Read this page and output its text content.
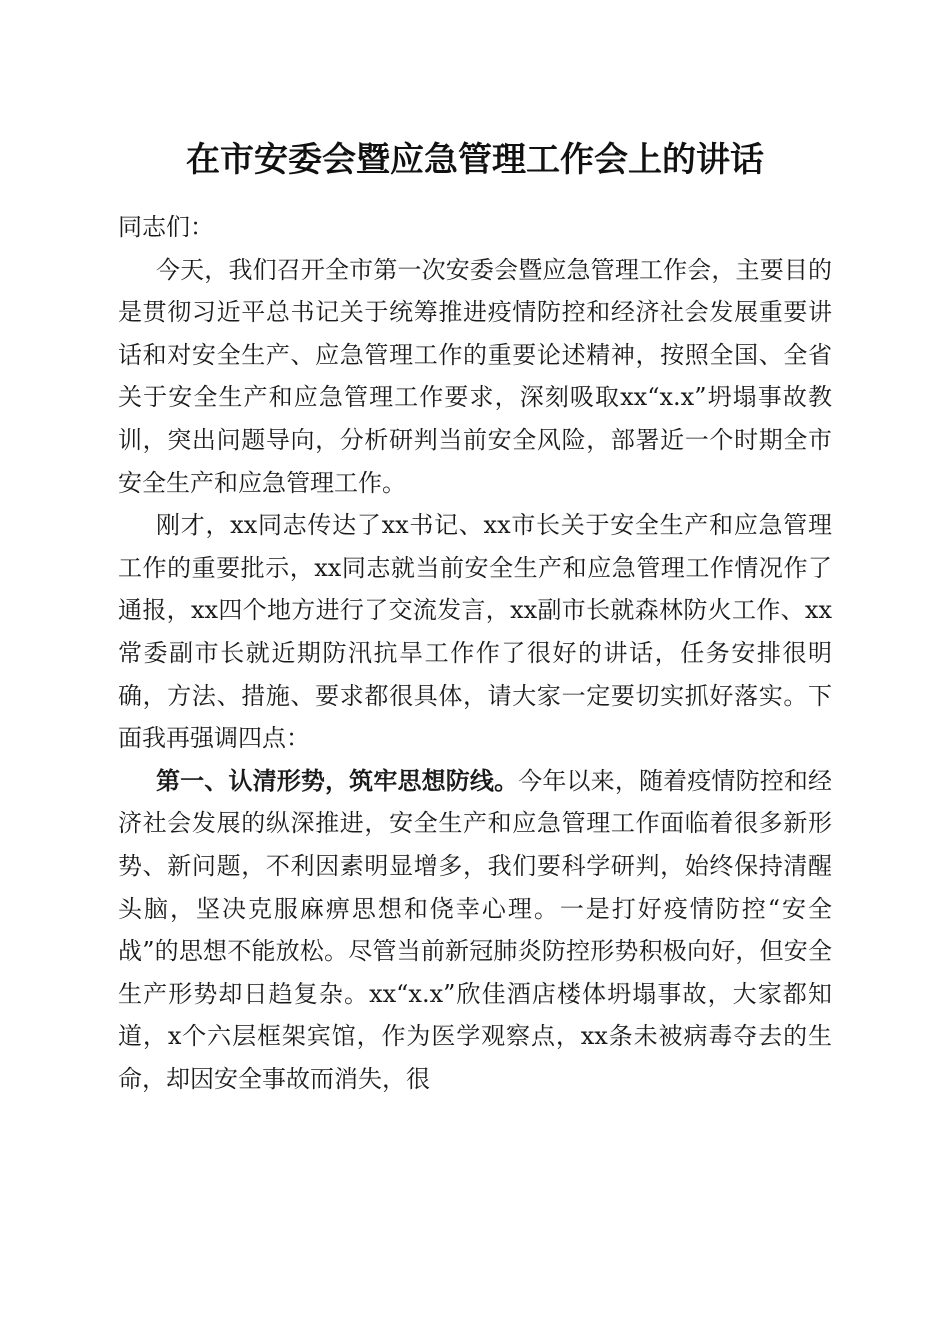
在市安委会暨应急管理工作会上的讲话

同志们：

今天，我们召开全市第一次安委会暨应急管理工作会，主要目的是贯彻习近平总书记关于统筹推进疫情防控和经济社会发展重要讲话和对安全生产、应急管理工作的重要论述精神，按照全国、全省关于安全生产和应急管理工作要求，深刻吸取xx“x.x”坍塌事故教训，突出问题导向，分析研判当前安全风险，部署近一个时期全市安全生产和应急管理工作。

刚才，xx同志传达了xx书记、xx市长关于安全生产和应急管理工作的重要批示，xx同志就当前安全生产和应急管理工作情况作了通报，xx四个地方进行了交流发言，xx副市长就森林防火工作、xx常委副市长就近期防汛抗旱工作作了很好的讲话，任务安排很明确，方法、措施、要求都很具体，请大家一定要切实抓好落实。下面我再强调四点：

第一、认清形势，筑牢思想防线。今年以来，随着疫情防控和经济社会发展的纵深推进，安全生产和应急管理工作面临着很多新形势、新问题，不利因素明显增多，我们要科学研判，始终保持清醒头脑，坚决克服麻痹思想和侥幸心理。一是打好疫情防控“安全战”的思想不能放松。尽管当前新冠肺炎防控形势积极向好，但安全生产形势却日趋复杂。xx“x.x”欣佳酒店楼体坍塌事故，大家都知道，x个六层框架宾馆，作为医学观察点，xx条未被病毒夺去的生命，却因安全事故而消失，很
